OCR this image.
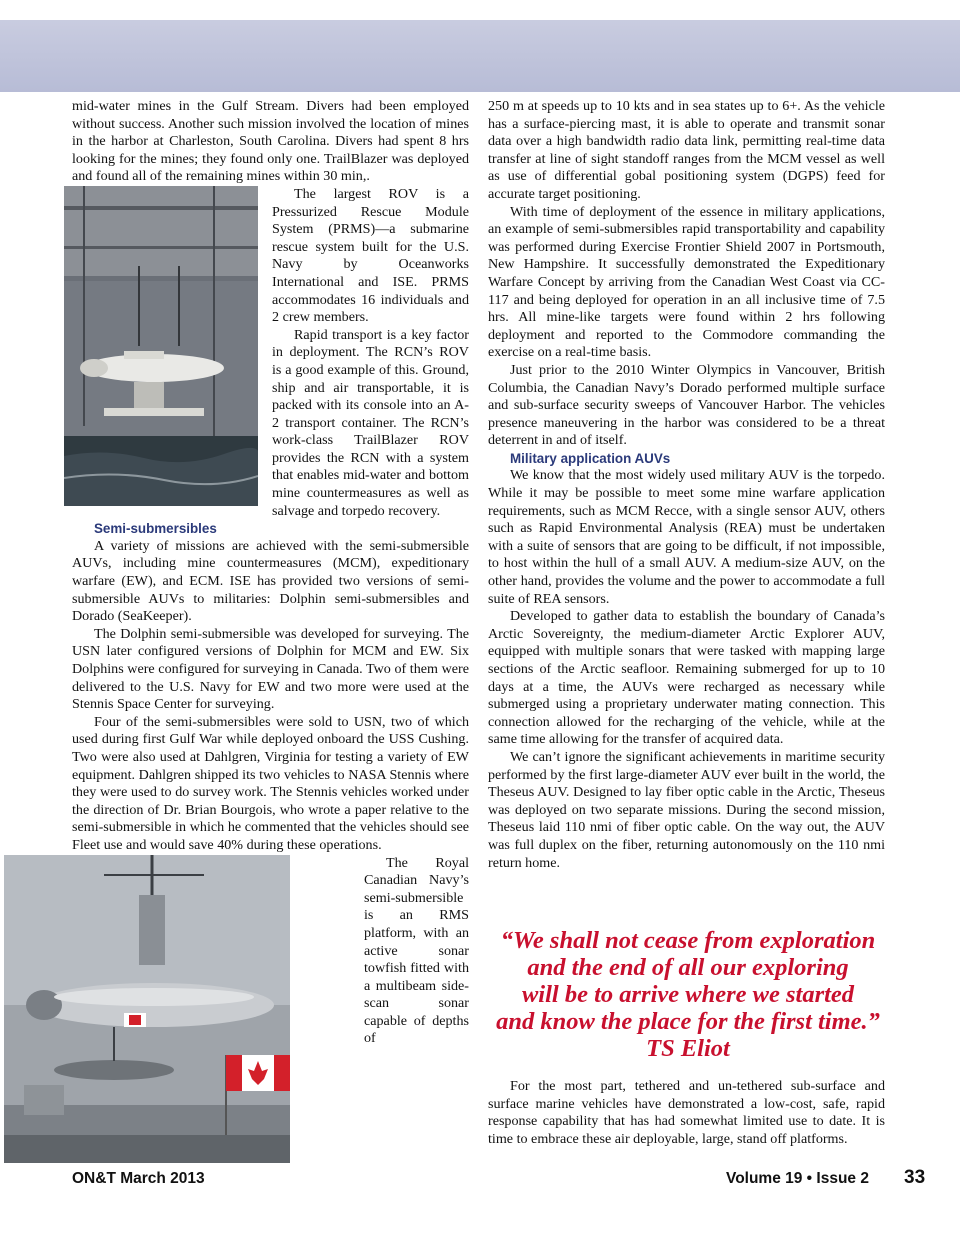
mid-water mines in the Gulf Stream. Divers had been employed without success. Another such mission involved the location of mines in the harbor at Charleston, South Carolina. Divers had spent 8 hrs looking for the mines; they found only one. TrailBlazer was deployed and found all of the remaining mines within 30 min,.

The largest ROV is a Pressurized Rescue Module System (PRMS)—a submarine rescue system built for the U.S. Navy by Oceanworks International and ISE. PRMS accommodates 16 individuals and 2 crew members.

Rapid transport is a key factor in deployment. The RCN’s ROV is a good example of this. Ground, ship and air transportable, it is packed with its console into an A-2 transport container. The RCN’s work-class TrailBlazer ROV provides the RCN with a system that enables mid-water and bottom mine countermeasures as well as salvage and torpedo recovery.

Semi-submersibles

A variety of missions are achieved with the semi-submersible AUVs, including mine countermeasures (MCM), expeditionary warfare (EW), and ECM. ISE has provided two versions of semi-submersible AUVs to militaries: Dolphin semi-submersibles and Dorado (SeaKeeper).

The Dolphin semi-submersible was developed for surveying. The USN later configured versions of Dolphin for MCM and EW. Six Dolphins were configured for surveying in Canada. Two of them were delivered to the U.S. Navy for EW and two more were used at the Stennis Space Center for surveying.

Four of the semi-submersibles were sold to USN, two of which used during first Gulf War while deployed onboard the USS Cushing. Two were also used at Dahlgren, Virginia for testing a variety of EW equipment. Dahlgren shipped its two vehicles to NASA Stennis where they were used to do survey work. The Stennis vehicles worked under the direction of Dr. Brian Bourgois, who wrote a paper relative to the semi-submersible in which he commented that the vehicles should see Fleet use and would save 40% during these operations.

The Royal Canadian Navy’s semi-submersible is an RMS platform, with an active sonar towfish fitted with a multibeam side-scan sonar capable of depths of

250 m at speeds up to 10 kts and in sea states up to 6+. As the vehicle has a surface-piercing mast, it is able to operate and transmit sonar data over a high bandwidth radio data link, permitting real-time data transfer at line of sight standoff ranges from the MCM vessel as well as use of differential gobal positioning system (DGPS) feed for accurate target positioning.

With time of deployment of the essence in military applications, an example of semi-submersibles rapid transportability and capability was performed during Exercise Frontier Shield 2007 in Portsmouth, New Hampshire. It successfully demonstrated the Expeditionary Warfare Concept by arriving from the Canadian West Coast via CC-117 and being deployed for operation in an all inclusive time of 7.5 hrs. All mine-like targets were found within 2 hrs following deployment and reported to the Commodore commanding the exercise on a real-time basis.

Just prior to the 2010 Winter Olympics in Vancouver, British Columbia, the Canadian Navy’s Dorado performed multiple surface and sub-surface security sweeps of Vancouver Harbor. The vehicles presence maneuvering in the harbor was considered to be a threat deterrent in and of itself.

Military application AUVs

We know that the most widely used military AUV is the torpedo. While it may be possible to meet some mine warfare application requirements, such as MCM Recce, with a single sensor AUV, others such as Rapid Environmental Analysis (REA) must be undertaken with a suite of sensors that are going to be difficult, if not impossible, to host within the hull of a small AUV. A medium-size AUV, on the other hand, provides the volume and the power to accommodate a full suite of REA sensors.

Developed to gather data to establish the boundary of Canada’s Arctic Sovereignty, the medium-diameter Arctic Explorer AUV, equipped with multiple sonars that were tasked with mapping large sections of the Arctic seafloor. Remaining submerged for up to 10 days at a time, the AUVs were recharged as necessary while submerged using a proprietary underwater mating connection. This connection allowed for the recharging of the vehicle, while at the same time allowing for the transfer of acquired data.

We can’t ignore the significant achievements in maritime security performed by the first large-diameter AUV ever built in the world, the Theseus AUV. Designed to lay fiber optic cable in the Arctic, Theseus was deployed on two separate missions. During the second mission, Theseus laid 110 nmi of fiber optic cable. On the way out, the AUV was full duplex on the fiber, returning autonomously on the 110 nmi return home.

“We shall not cease from exploration
and the end of all our exploring
will be to arrive where we started
and know the place for the first time.”
TS Eliot

For the most part, tethered and un-tethered sub-surface and surface marine vehicles have demonstrated a low-cost, safe, rapid response capability that has had somewhat limited use to date. It is time to embrace these air deployable, large, stand off platforms.

ON&T March 2013	Volume 19 • Issue 2 33
